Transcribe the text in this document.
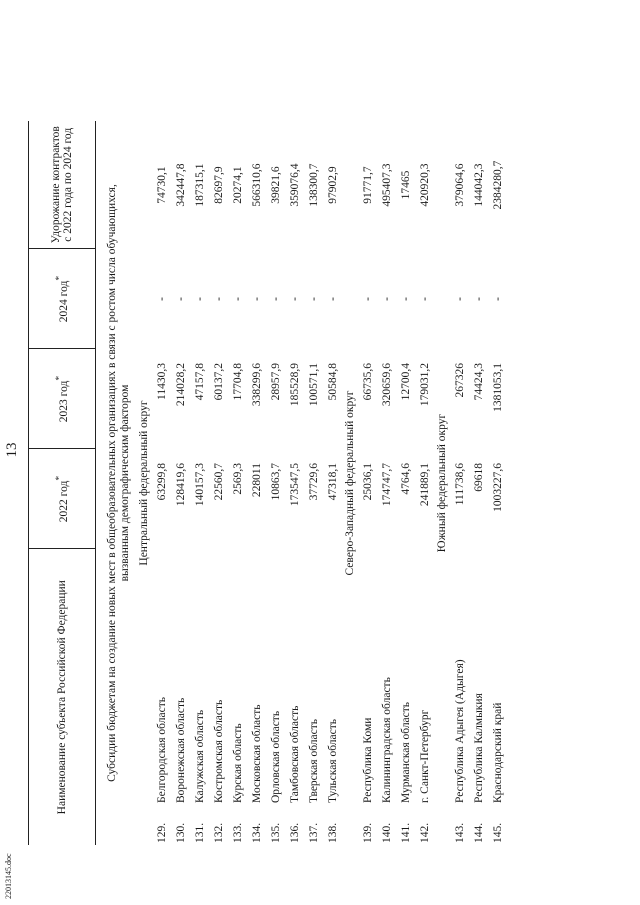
22013145.doc
13
Наименование субъекта Российской Федерации		2022 год*	2023 год*	2024 год*	Удорожание контрактов
с 2022 года по 2024 год
Субсидии бюджетам на создание новых мест в общеобразовательных организациях в связи с ростом числа обучающихся, вызванным демографическим фактором					
Центральный федеральный округ					
129.	Белгородская область	63299,8	11430,3	-	74730,1
130.	Воронежская область	128419,6	214028,2	-	342447,8
131.	Калужская область	140157,3	47157,8	-	187315,1
132.	Костромская область	22560,7	60137,2	-	82697,9
133.	Курская область	2569,3	17704,8	-	20274,1
134.	Московская область	228011	338299,6	-	566310,6
135.	Орловская область	10863,7	28957,9	-	39821,6
136.	Тамбовская область	173547,5	185528,9	-	359076,4
137.	Тверская область	37729,6	100571,1	-	138300,7
138.	Тульская область	47318,1	50584,8	-	97902,9
Северо-Западный федеральный округ					
139.	Республика Коми	25036,1	66735,6	-	91771,7
140.	Калининградская область	174747,7	320659,6	-	495407,3
141.	Мурманская область	4764,6	12700,4	-	17465
142.	г. Санкт-Петербург	241889,1	179031,2	-	420920,3
Южный федеральный округ					
143.	Республика Адыгея (Адыгея)	111738,6	267326	-	379064,6
144.	Республика Калмыкия	69618	74424,3	-	144042,3
145.	Краснодарский край	1003227,6	1381053,1	-	2384280,7
